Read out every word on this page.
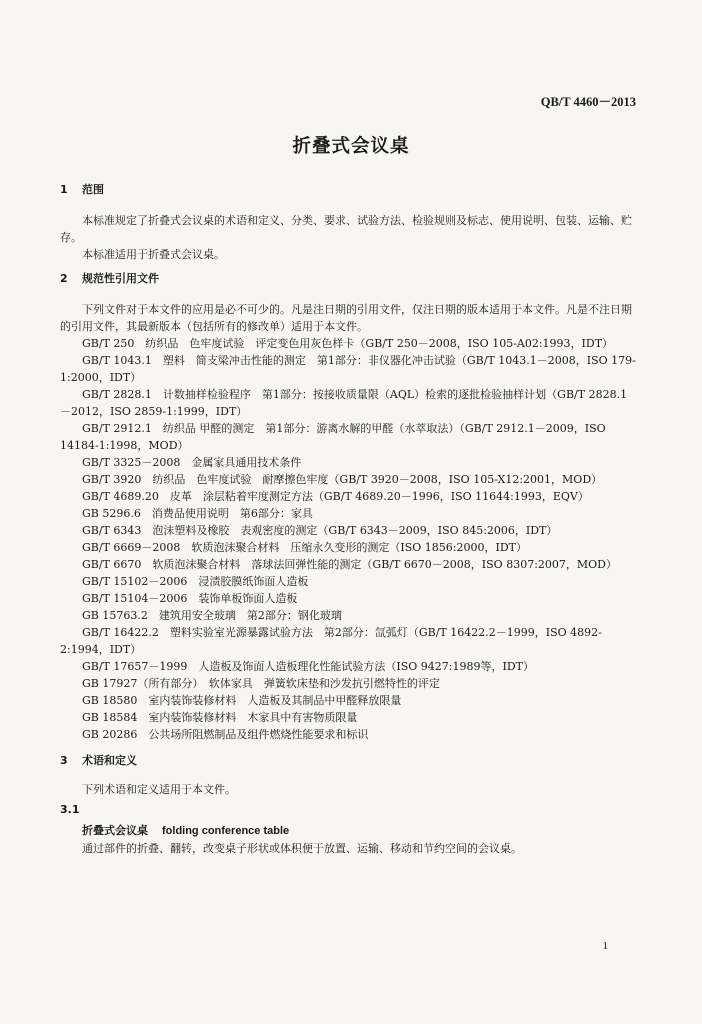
QB/T 4460－2013
折叠式会议桌
1 范围
本标准规定了折叠式会议桌的术语和定义、分类、要求、试验方法、检验规则及标志、使用说明、包装、运输、贮存。
本标准适用于折叠式会议桌。
2 规范性引用文件
下列文件对于本文件的应用是必不可少的。凡是注日期的引用文件，仅注日期的版本适用于本文件。凡是不注日期的引用文件，其最新版本（包括所有的修改单）适用于本文件。
GB/T 250　纺织品　色牢度试验　评定变色用灰色样卡（GB/T 250－2008，ISO 105-A02:1993，IDT）
GB/T 1043.1　塑料　简支梁冲击性能的测定　第1部分：非仪器化冲击试验（GB/T 1043.1－2008，ISO 179-1:2000，IDT）
GB/T 2828.1　计数抽样检验程序　第1部分：按接收质量限（AQL）检索的逐批检验抽样计划（GB/T 2828.1－2012，ISO 2859-1:1999，IDT）
GB/T 2912.1　纺织品 甲醛的测定　第1部分：游离水解的甲醛（水萃取法）（GB/T 2912.1－2009，ISO 14184-1:1998，MOD）
GB/T 3325－2008　金属家具通用技术条件
GB/T 3920　纺织品　色牢度试验　耐摩擦色牢度（GB/T 3920－2008，ISO 105-X12:2001，MOD）
GB/T 4689.20　皮革　涂层粘着牢度测定方法（GB/T 4689.20－1996，ISO 11644:1993，EQV）
GB 5296.6　消费品使用说明　第6部分：家具
GB/T 6343　泡沫塑料及橡胶　表观密度的测定（GB/T 6343－2009，ISO 845:2006，IDT）
GB/T 6669－2008　软质泡沫聚合材料　压缩永久变形的测定（ISO 1856:2000，IDT）
GB/T 6670　软质泡沫聚合材料　落球法回弹性能的测定（GB/T 6670－2008，ISO 8307:2007，MOD）
GB/T 15102－2006　浸渍胶膜纸饰面人造板
GB/T 15104－2006　装饰单板饰面人造板
GB 15763.2　建筑用安全玻璃　第2部分：钢化玻璃
GB/T 16422.2　塑料实验室光源暴露试验方法　第2部分：氙弧灯（GB/T 16422.2－1999，ISO 4892-2:1994，IDT）
GB/T 17657－1999　人造板及饰面人造板理化性能试验方法（ISO 9427:1989等，IDT）
GB 17927（所有部分）　软体家具　弹簧软床垫和沙发抗引燃特性的评定
GB 18580　室内装饰装修材料　人造板及其制品中甲醛释放限量
GB 18584　室内装饰装修材料　木家具中有害物质限量
GB 20286　公共场所阻燃制品及组件燃烧性能要求和标识
3 术语和定义
下列术语和定义适用于本文件。
3.1
折叠式会议桌 folding conference table
通过部件的折叠、翻转，改变桌子形状或体积便于放置、运输、移动和节约空间的会议桌。
1
